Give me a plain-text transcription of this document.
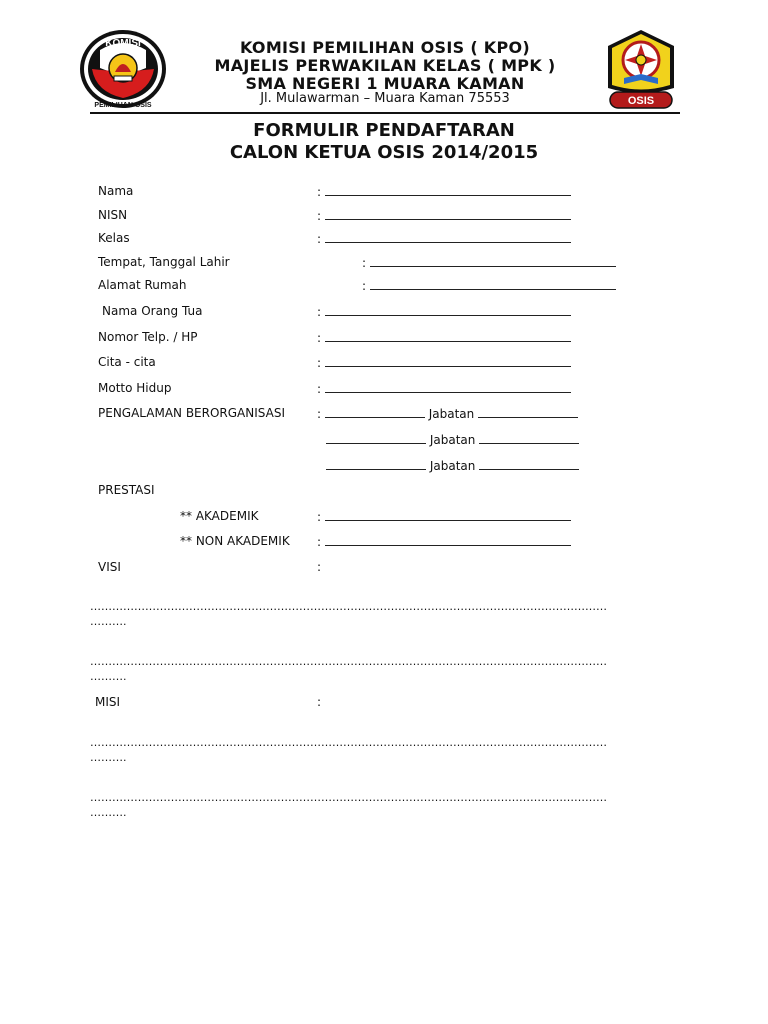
KOMISI
PEMILIHAN OSIS	OSIS
KOMISI PEMILIHAN OSIS ( KPO)
MAJELIS PERWAKILAN KELAS ( MPK )
SMA NEGERI 1 MUARA KAMAN
Jl. Mulawarman – Muara Kaman 75553
FORMULIR PENDAFTARAN
CALON KETUA OSIS 2014/2015
Nama	:
NISN	:
Kelas	:
Tempat, Tanggal Lahir	:
Alamat Rumah	:
Nama Orang Tua	:
Nomor Telp. / HP	:
Cita - cita	:
Motto Hidup	:
PENGALAMAN BERORGANISASI	:	Jabatan
Jabatan
Jabatan
PRESTASI
** AKADEMIK	:
** NON AKADEMIK :
VISI	:
……………………………………………………………………………………………………………………………
……….
……………………………………………………………………………………………………………………………
……….
MISI	:
……………………………………………………………………………………………………………………………
……….
……………………………………………………………………………………………………………………………
……….
